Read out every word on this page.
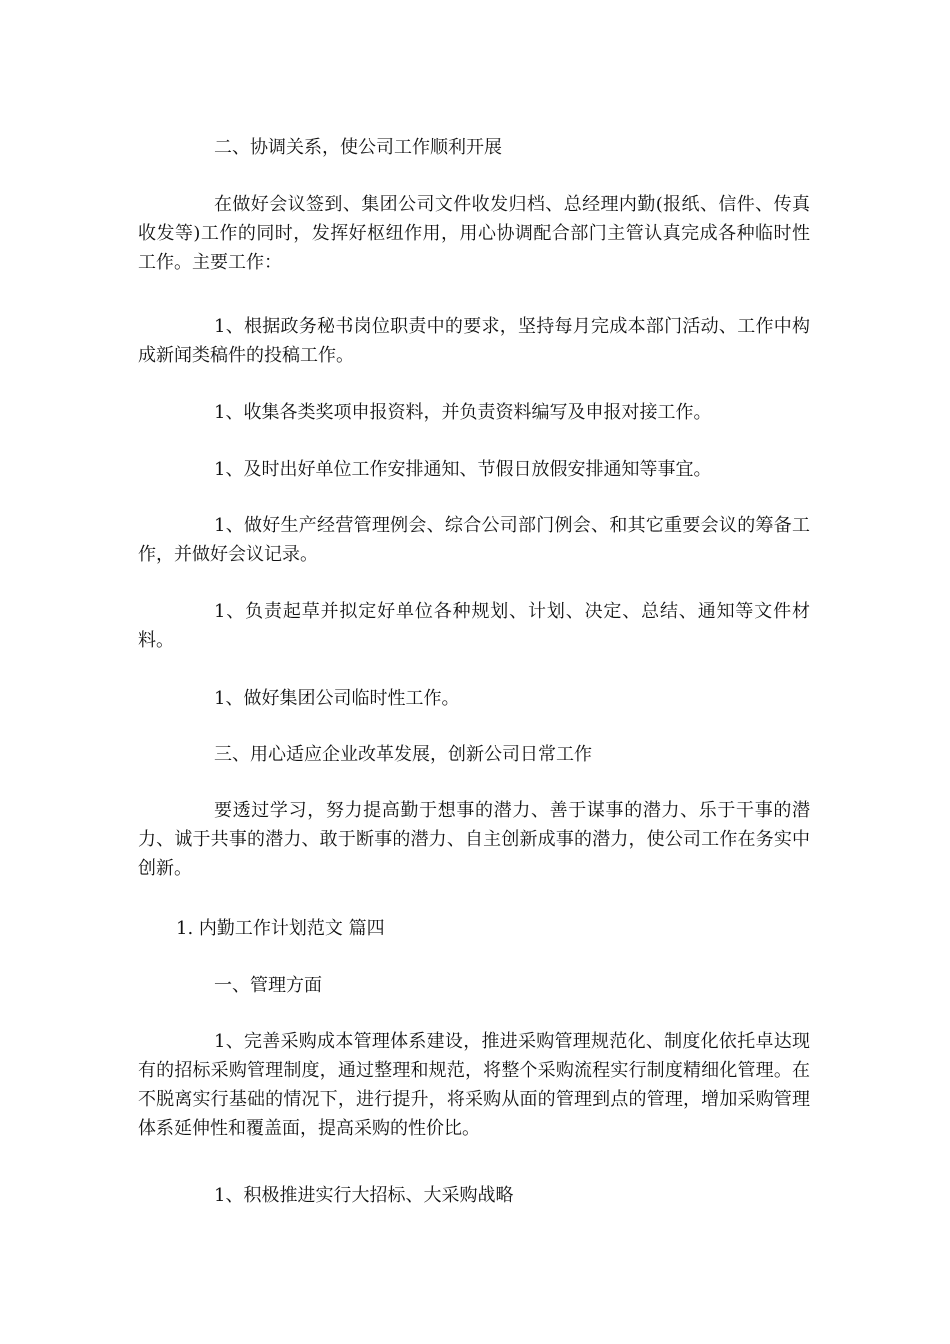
二、协调关系，使公司工作顺利开展

在做好会议签到、集团公司文件收发归档、总经理内勤(报纸、信件、传真收发等)工作的同时，发挥好枢纽作用，用心协调配合部门主管认真完成各种临时性工作。主要工作：

1、根据政务秘书岗位职责中的要求，坚持每月完成本部门活动、工作中构成新闻类稿件的投稿工作。

1、收集各类奖项申报资料，并负责资料编写及申报对接工作。

1、及时出好单位工作安排通知、节假日放假安排通知等事宜。

1、做好生产经营管理例会、综合公司部门例会、和其它重要会议的筹备工作，并做好会议记录。

1、负责起草并拟定好单位各种规划、计划、决定、总结、通知等文件材料。

1、做好集团公司临时性工作。

三、用心适应企业改革发展，创新公司日常工作

要透过学习，努力提高勤于想事的潜力、善于谋事的潜力、乐于干事的潜力、诚于共事的潜力、敢于断事的潜力、自主创新成事的潜力，使公司工作在务实中创新。

1. 内勤工作计划范文 篇四

一、管理方面

1、完善采购成本管理体系建设，推进采购管理规范化、制度化依托卓达现有的招标采购管理制度，通过整理和规范，将整个采购流程实行制度精细化管理。在不脱离实行基础的情况下，进行提升，将采购从面的管理到点的管理，增加采购管理体系延伸性和覆盖面，提高采购的性价比。

1、积极推进实行大招标、大采购战略
